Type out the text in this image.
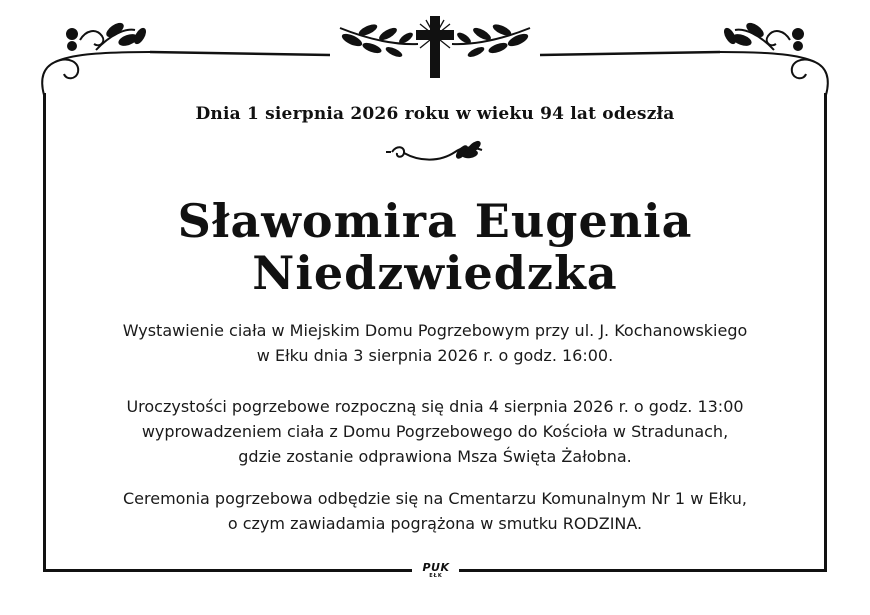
Dnia 1 sierpnia 2026 roku w wieku 94 lat odeszła
Sławomira Eugenia
Niedzwiedzka
Wystawienie ciała w Miejskim Domu Pogrzebowym przy ul. J. Kochanowskiego
w Ełku dnia 3 sierpnia 2026 r. o godz. 16:00.
Uroczystości pogrzebowe rozpoczną się dnia 4 sierpnia 2026 r. o godz. 13:00
wyprowadzeniem ciała z Domu Pogrzebowego do Kościoła w Stradunach,
gdzie zostanie odprawiona Msza Święta Żałobna.
Ceremonia pogrzebowa odbędzie się na Cmentarzu Komunalnym Nr 1 w Ełku,
o czym zawiadamia pogrążona w smutku RODZINA.
PUK
EŁK
